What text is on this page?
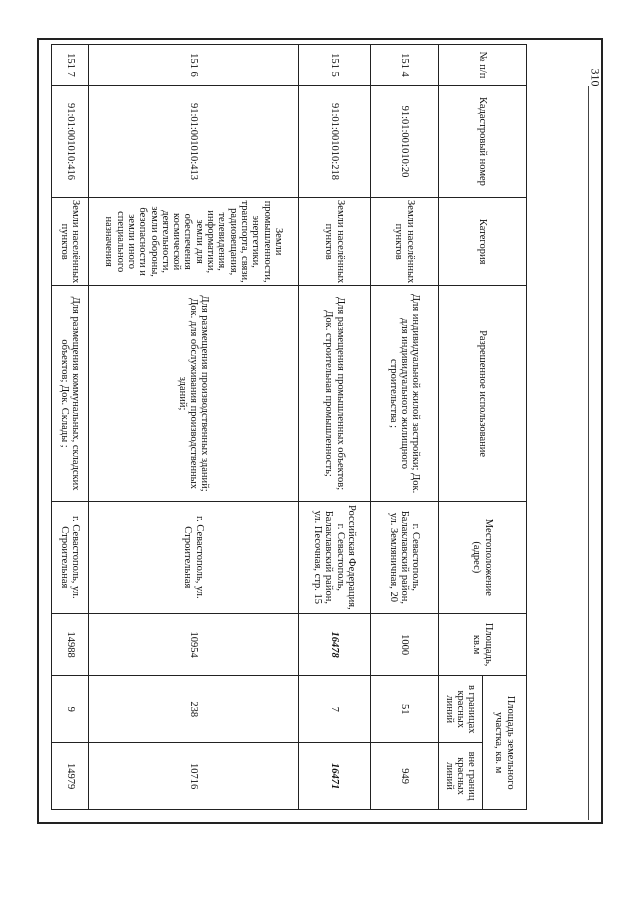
310
№ п/п	Кадастровый номер	Категория	Разрешенное использование	Местоположение (адрес)	Площадь, кв.м	Площадь земельного участка, кв. м	
						в границах красных линий	вне границ красных линий
151 4	91:01:001010:20	Земли населённых пунктов	Для индивидуальной жилой застройки; Док. для индивидуального жилищного строительства ;	г. Севастополь, Балаклавский район, ул. Земляничная, 20	1000	51	949
151 5	91:01:001010:218	Земли населённых пунктов	Для размещения промышленных объектов; Док. строительная промышленность;	Российская Федерация, г. Севастополь, Балаклавский район, ул. Песочная, стр. 15	16478	7	16471
151 6	91:01:001010:413	Земли промышленности, энергетики, транспорта, связи, радиовещания, телевидения, информатики, земли для обеспечения космической деятельности, земли обороны, безопасности и земли иного специального назначения	Для размещения производственных зданий; Док. для обслуживания производственных зданий;	г. Севастополь, ул. Строительная	10954	238	10716
151 7	91:01:001010:416	Земли населённых пунктов	Для размещения коммунальных, складских объектов; Док. Склады ;	г. Севастополь, ул. Строительная	14988	9	14979
